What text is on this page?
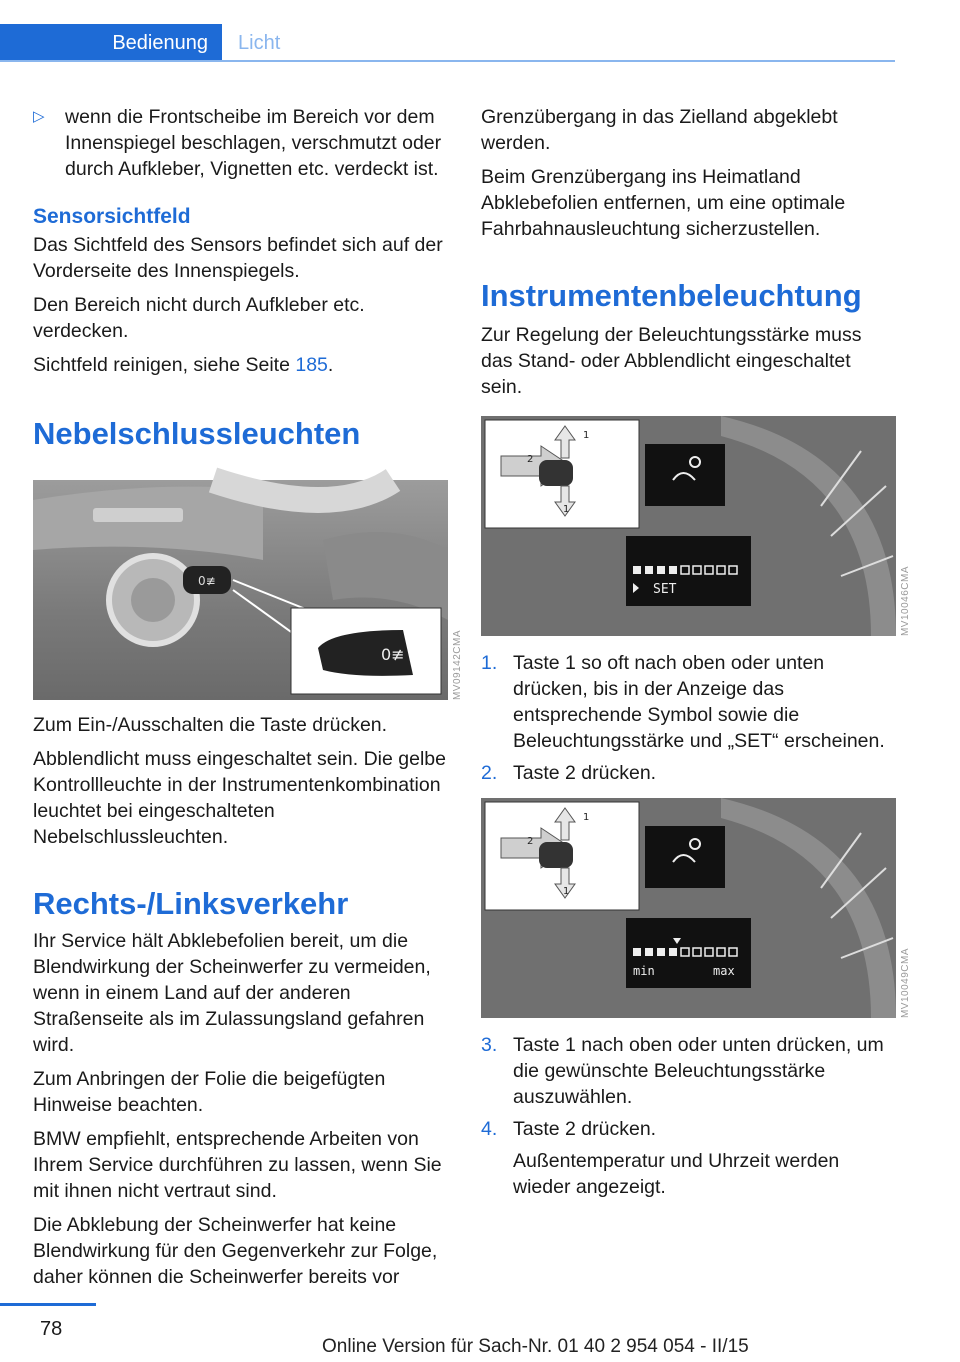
Bedienung	Licht
▷	wenn die Frontscheibe im Bereich vor dem Innenspiegel beschlagen, verschmutzt oder durch Aufkleber, Vignetten etc. verdeckt ist.
Sensorsichtfeld

Das Sichtfeld des Sensors befindet sich auf der Vorderseite des Innenspiegels.

Den Bereich nicht durch Aufkleber etc. verdecken.

Sichtfeld reinigen, siehe Seite 185.

Nebelschlussleuchten
0≢
0≢	MV09142CMA

Zum Ein-/Ausschalten die Taste drücken.

Abblendlicht muss eingeschaltet sein. Die gelbe Kontrollleuchte in der Instrumentenkombination leuchtet bei eingeschalteten Nebelschlussleuchten.

Rechts-/Linksverkehr

Ihr Service hält Abklebefolien bereit, um die Blendwirkung der Scheinwerfer zu vermeiden, wenn in einem Land auf der anderen Straßenseite als im Zulassungsland gefahren wird.

Zum Anbringen der Folie die beigefügten Hinweise beachten.

BMW empfiehlt, entsprechende Arbeiten von Ihrem Service durchführen zu lassen, wenn Sie mit ihnen nicht vertraut sind.

Die Abklebung der Scheinwerfer hat keine Blendwirkung für den Gegenverkehr zur Folge, daher können die Scheinwerfer bereits vor

Grenzübergang in das Zielland abgeklebt werden.

Beim Grenzübergang ins Heimatland Abklebefolien entfernen, um eine optimale Fahrbahnausleuchtung sicherzustellen.

Instrumentenbeleuchtung

Zur Regelung der Beleuchtungsstärke muss das Stand- oder Abblendlicht eingeschaltet sein.

SET
1
2
1
MV10046CMA
1. Taste 1 so oft nach oben oder unten drücken, bis in der Anzeige das entsprechende Symbol sowie die Beleuchtungsstärke und „SET“ erscheinen.
2. Taste 2 drücken.
min	max
1
2
1
MV10049CMA
3. Taste 1 nach oben oder unten drücken, um die gewünschte Beleuchtungsstärke auszuwählen.
4. Taste 2 drücken.

Außentemperatur und Uhrzeit werden wieder angezeigt.

78
Online Version für Sach-Nr. 01 40 2 954 054 - II/15
